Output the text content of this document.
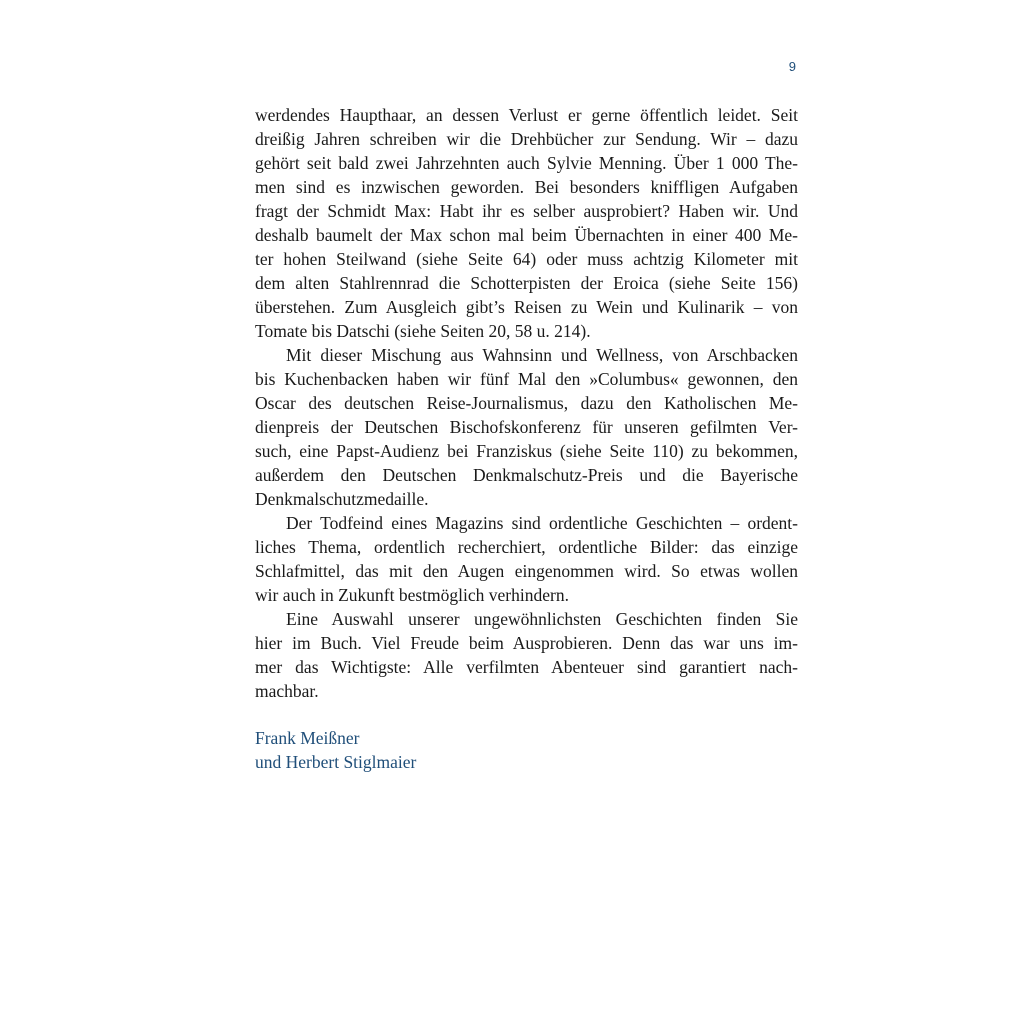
9
werdendes Haupthaar, an dessen Verlust er gerne öffentlich leidet. Seit
dreißig Jahren schreiben wir die Drehbücher zur Sendung. Wir – dazu
gehört seit bald zwei Jahrzehnten auch Sylvie Menning. Über 1 000 The-
men sind es inzwischen geworden. Bei besonders kniffligen Aufgaben
fragt der Schmidt Max: Habt ihr es selber ausprobiert? Haben wir. Und
deshalb baumelt der Max schon mal beim Übernachten in einer 400 Me-
ter hohen Steilwand (siehe Seite 64) oder muss achtzig Kilometer mit
dem alten Stahlrennrad die Schotterpisten der Eroica (siehe Seite 156)
überstehen. Zum Ausgleich gibt’s Reisen zu Wein und Kulinarik – von
Tomate bis Datschi (siehe Seiten 20, 58 u. 214).
Mit dieser Mischung aus Wahnsinn und Wellness, von Arschbacken
bis Kuchenbacken haben wir fünf Mal den »Columbus« gewonnen, den
Oscar des deutschen Reise-Journalismus, dazu den Katholischen Me-
dienpreis der Deutschen Bischofskonferenz für unseren gefilmten Ver-
such, eine Papst-Audienz bei Franziskus (siehe Seite 110) zu bekommen,
außerdem den Deutschen Denkmalschutz-Preis und die Bayerische
Denkmalschutzmedaille.
Der Todfeind eines Magazins sind ordentliche Geschichten – ordent-
liches Thema, ordentlich recherchiert, ordentliche Bilder: das einzige
Schlafmittel, das mit den Augen eingenommen wird. So etwas wollen
wir auch in Zukunft bestmöglich verhindern.
Eine Auswahl unserer ungewöhnlichsten Geschichten finden Sie
hier im Buch. Viel Freude beim Ausprobieren. Denn das war uns im-
mer das Wichtigste: Alle verfilmten Abenteuer sind garantiert nach-
machbar.
Frank Meißner
und Herbert Stiglmaier
